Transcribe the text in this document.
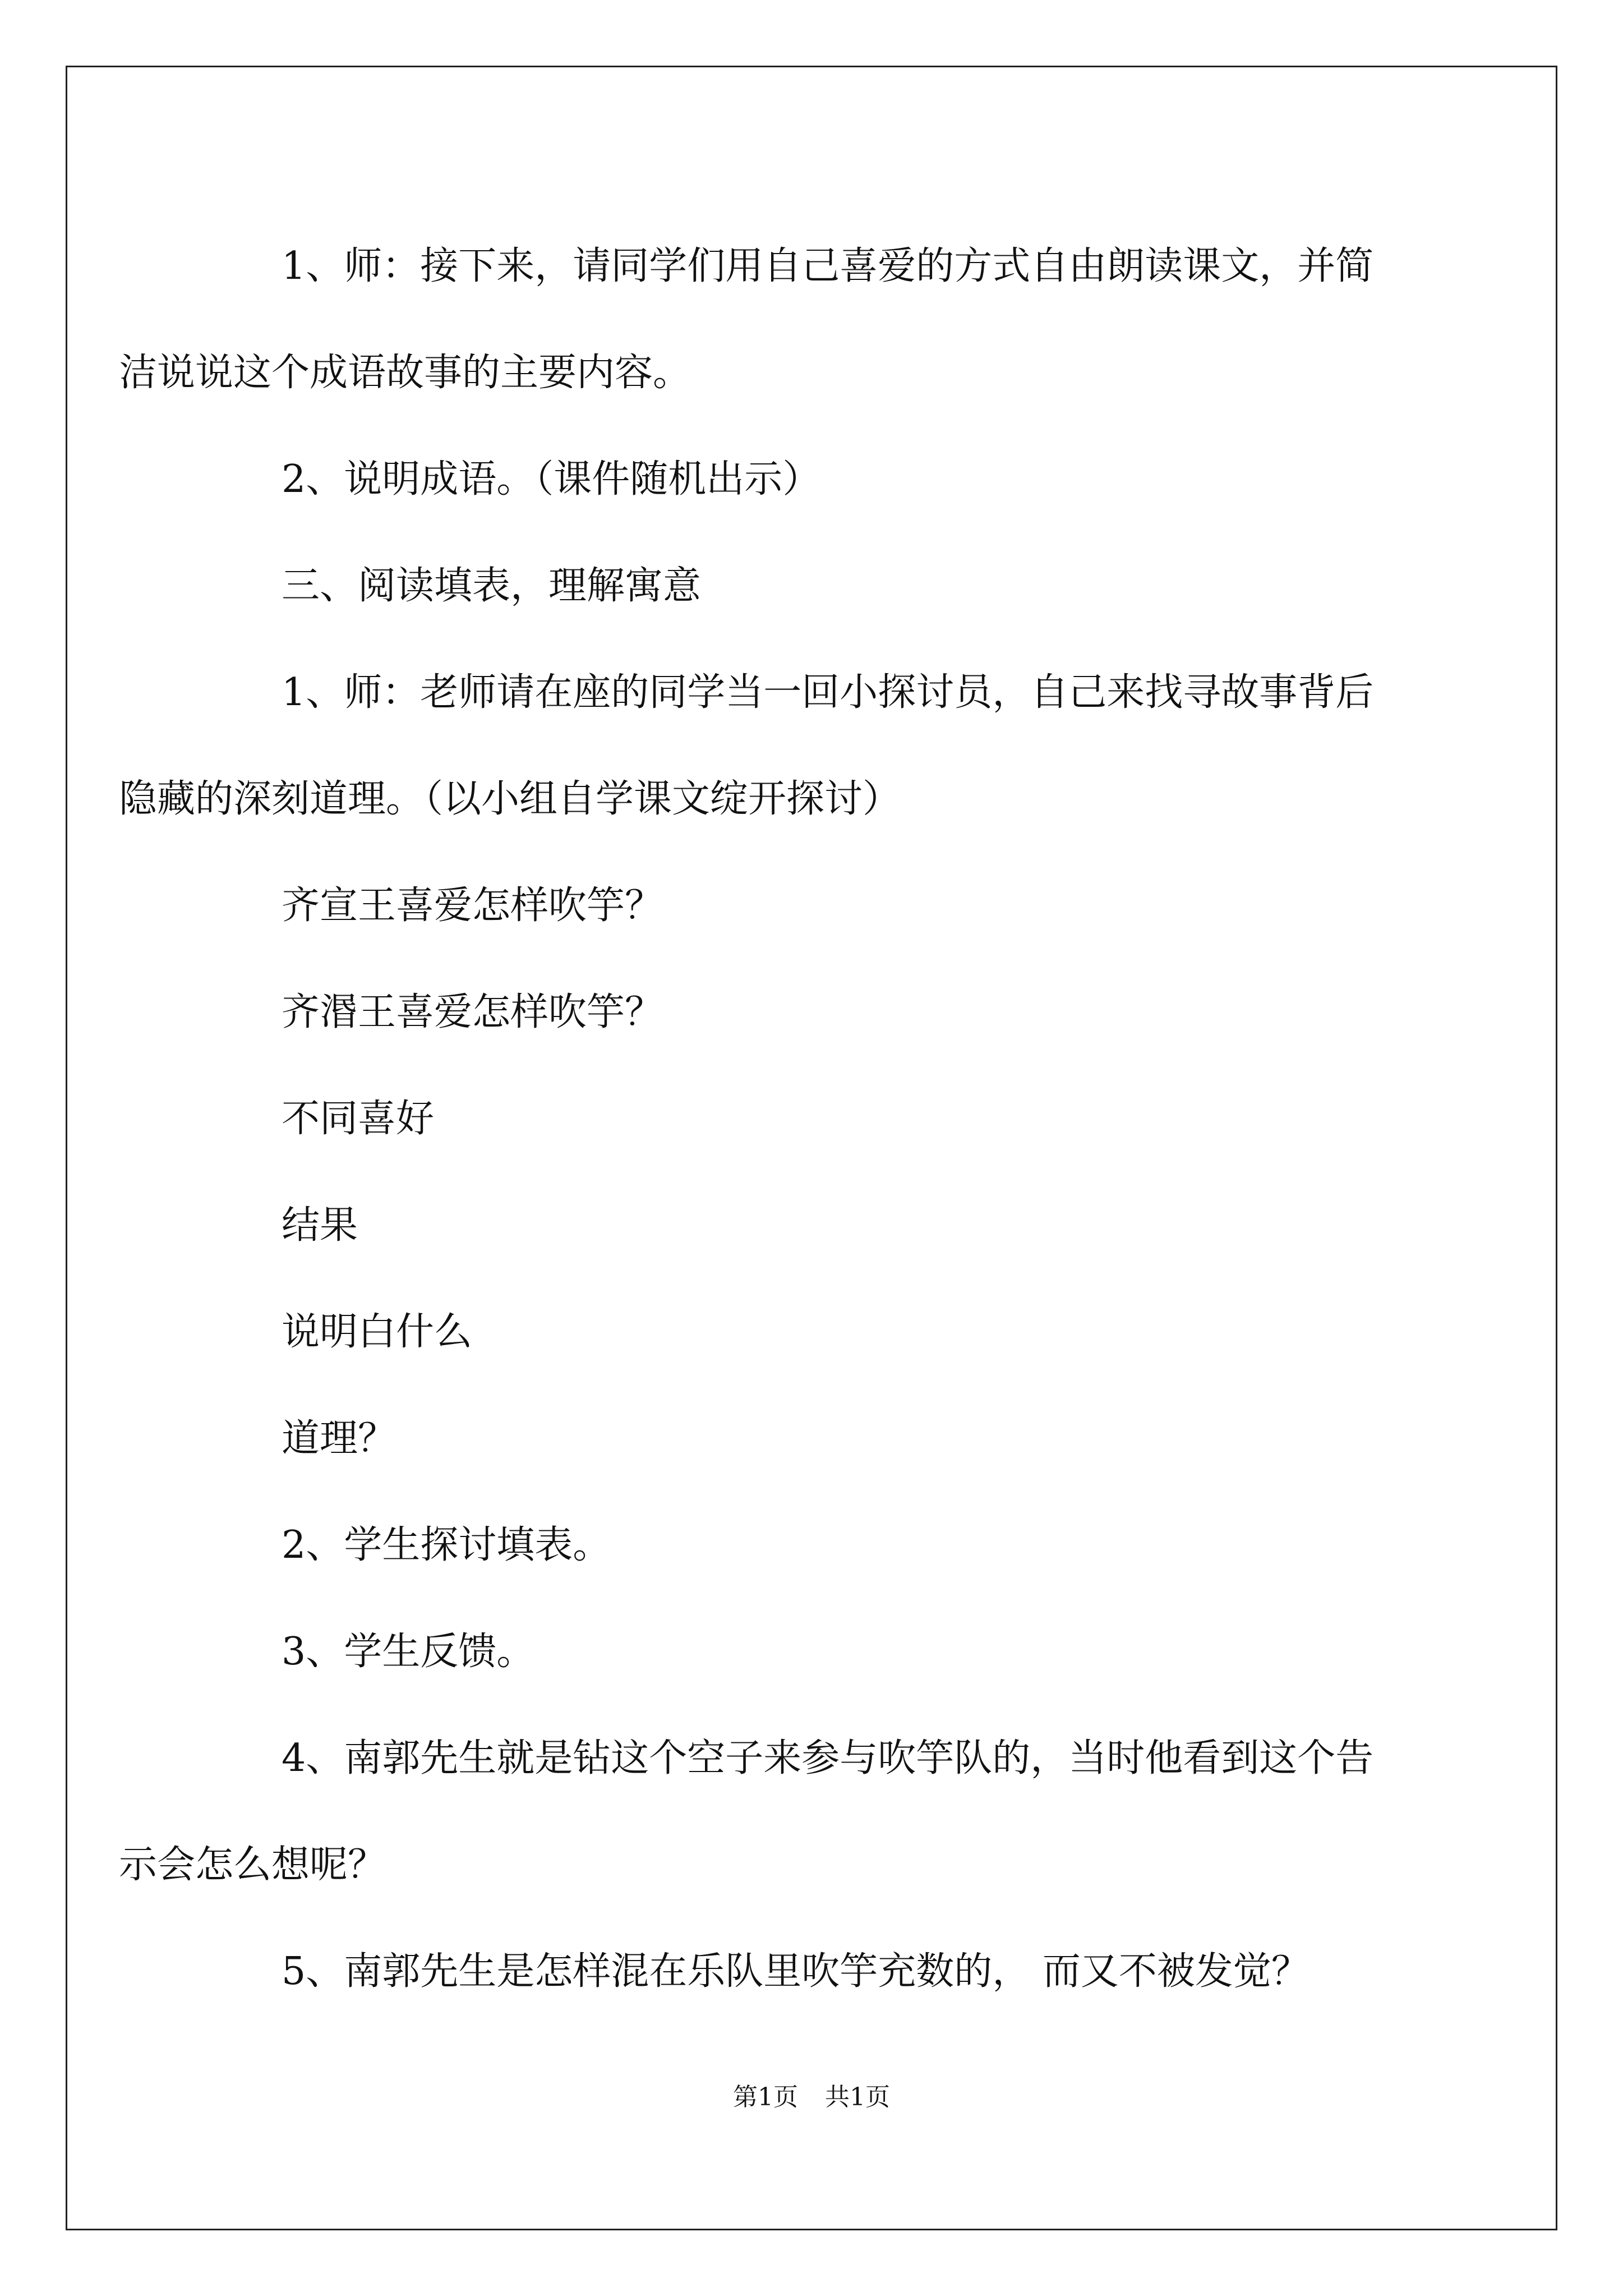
1、师：接下来，请同学们用自己喜爱的方式自由朗读课文，并简
洁说说这个成语故事的主要内容。

2、说明成语。（课件随机出示）

三、阅读填表，理解寓意

1、师：老师请在座的同学当一回小探讨员，自己来找寻故事背后
隐藏的深刻道理。（以小组自学课文绽开探讨）

齐宣王喜爱怎样吹竽？

齐湣王喜爱怎样吹竽？

不同喜好

结果

说明白什么

道理？

2、学生探讨填表。

3、学生反馈。

4、南郭先生就是钻这个空子来参与吹竽队的，当时他看到这个告
示会怎么想呢？

5、南郭先生是怎样混在乐队里吹竽充数的， 而又不被发觉？

第1页 共1页
